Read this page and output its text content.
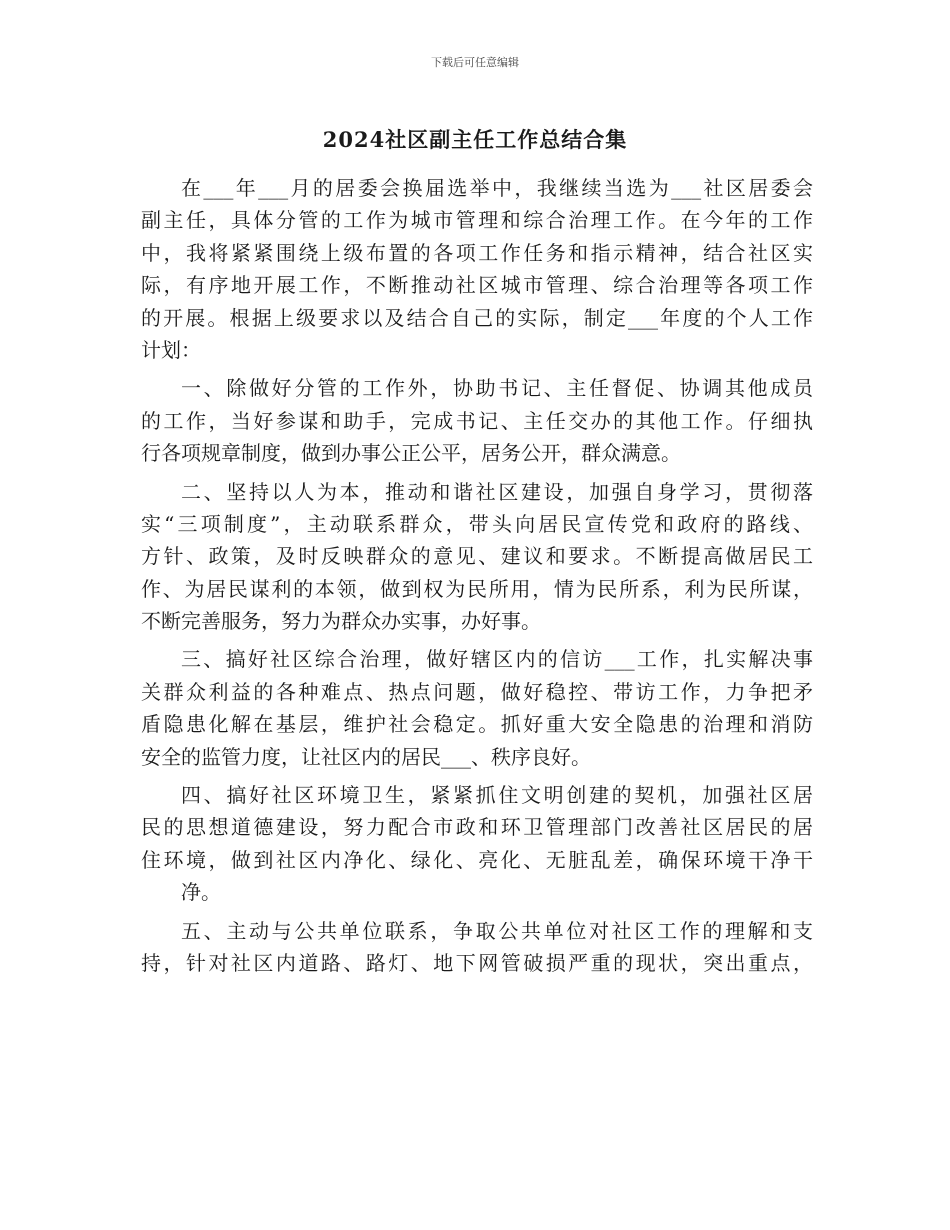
下载后可任意编辑
2024社区副主任工作总结合集
在___年___月的居委会换届选举中，我继续当选为___社区居委会
副主任，具体分管的工作为城市管理和综合治理工作。在今年的工作
中，我将紧紧围绕上级布置的各项工作任务和指示精神，结合社区实
际，有序地开展工作，不断推动社区城市管理、综合治理等各项工作
的开展。根据上级要求以及结合自己的实际，制定___年度的个人工作
计划：
一、除做好分管的工作外，协助书记、主任督促、协调其他成员
的工作，当好参谋和助手，完成书记、主任交办的其他工作。仔细执
行各项规章制度，做到办事公正公平，居务公开，群众满意。
二、坚持以人为本，推动和谐社区建设，加强自身学习，贯彻落
实“三项制度”，主动联系群众，带头向居民宣传党和政府的路线、
方针、政策，及时反映群众的意见、建议和要求。不断提高做居民工
作、为居民谋利的本领，做到权为民所用，情为民所系，利为民所谋，
不断完善服务，努力为群众办实事，办好事。
三、搞好社区综合治理，做好辖区内的信访___工作，扎实解决事
关群众利益的各种难点、热点问题，做好稳控、带访工作，力争把矛
盾隐患化解在基层，维护社会稳定。抓好重大安全隐患的治理和消防
安全的监管力度，让社区内的居民___、秩序良好。
四、搞好社区环境卫生，紧紧抓住文明创建的契机，加强社区居
民的思想道德建设，努力配合市政和环卫管理部门改善社区居民的居
住环境，做到社区内净化、绿化、亮化、无脏乱差，确保环境干净干
净。
五、主动与公共单位联系，争取公共单位对社区工作的理解和支
持，针对社区内道路、路灯、地下网管破损严重的现状，突出重点，
